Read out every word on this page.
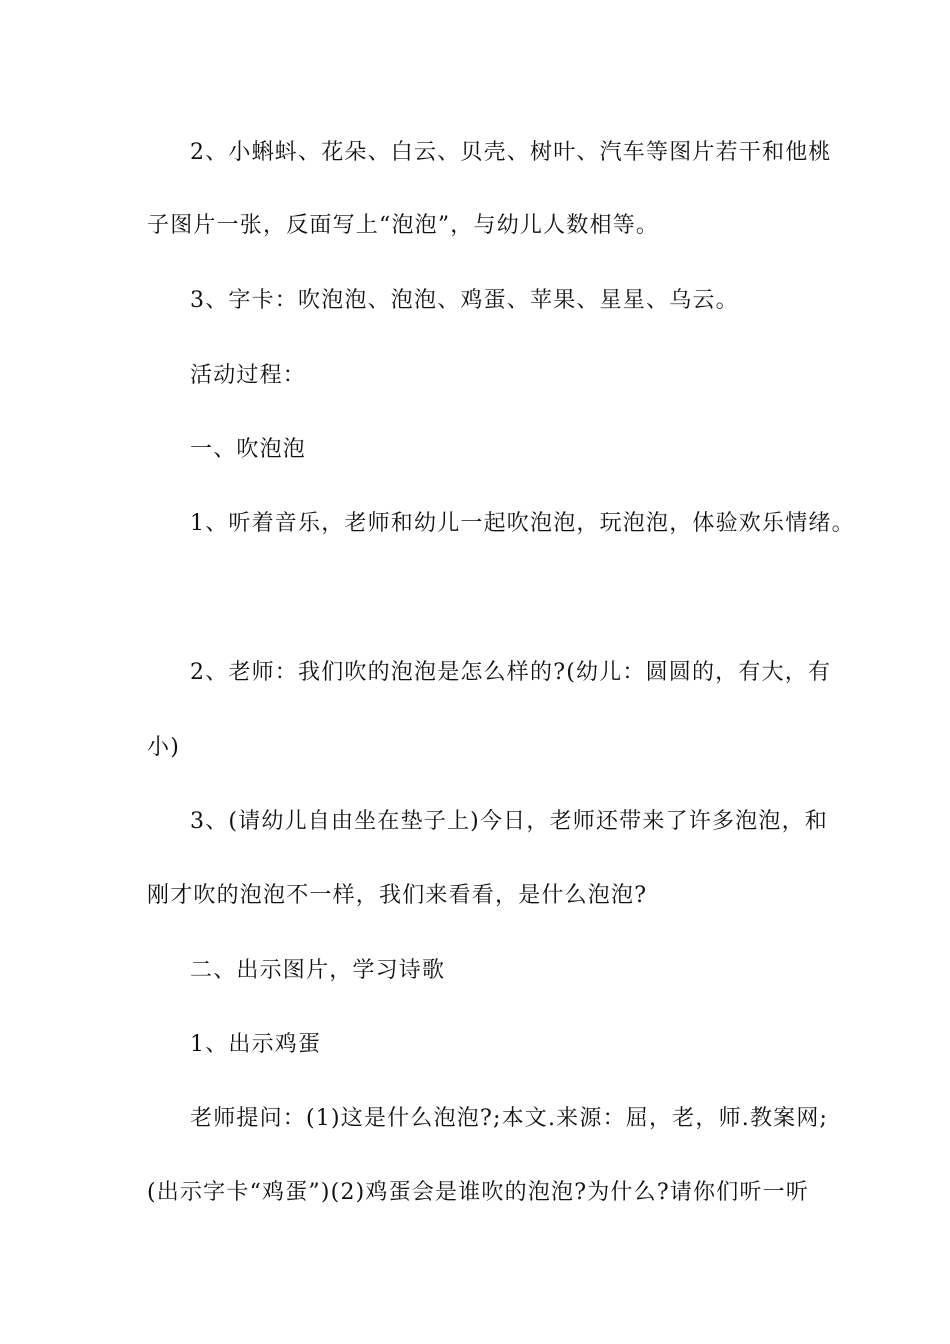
2、小蝌蚪、花朵、白云、贝壳、树叶、汽车等图片若干和他桃
子图片一张，反面写上“泡泡”，与幼儿人数相等。
3、字卡：吹泡泡、泡泡、鸡蛋、苹果、星星、乌云。
活动过程：
一、吹泡泡
1、听着音乐，老师和幼儿一起吹泡泡，玩泡泡，体验欢乐情绪。
2、老师：我们吹的泡泡是怎么样的?(幼儿：圆圆的，有大，有
小)
3、(请幼儿自由坐在垫子上)今日，老师还带来了许多泡泡，和
刚才吹的泡泡不一样，我们来看看，是什么泡泡?
二、出示图片，学习诗歌
1、出示鸡蛋
老师提问：(1)这是什么泡泡?;本文.来源：屈，老，师.教案网;
(出示字卡“鸡蛋”)(2)鸡蛋会是谁吹的泡泡?为什么?请你们听一听
